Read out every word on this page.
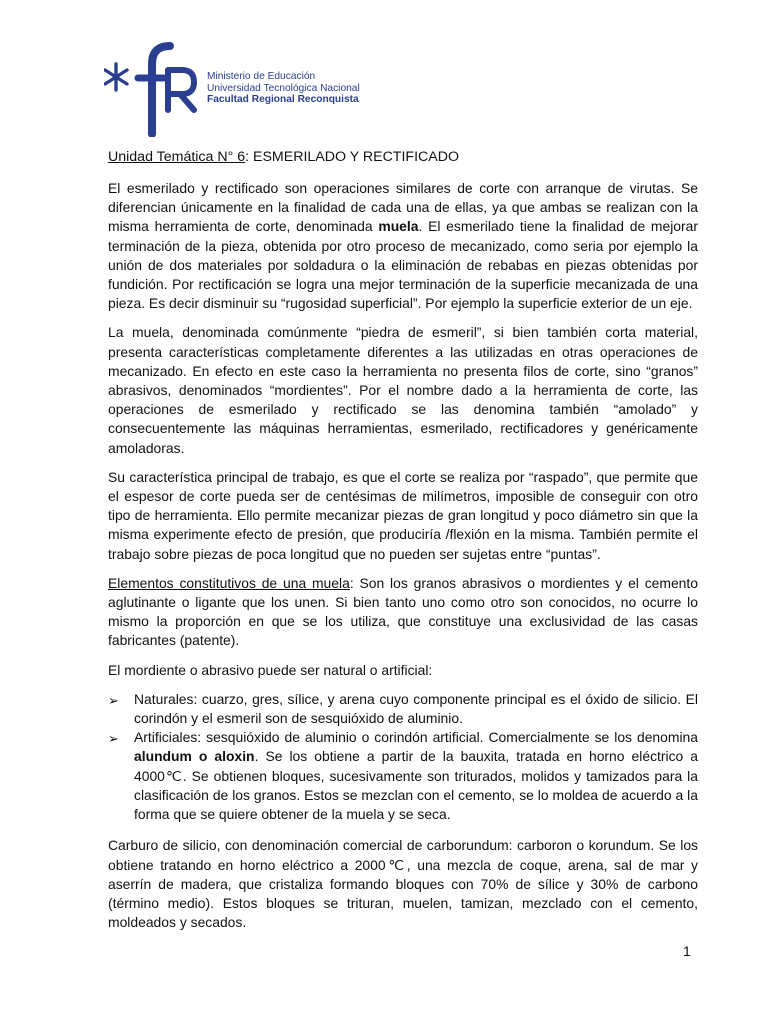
Ministerio de Educación
Universidad Tecnológica Nacional
Facultad Regional Reconquista
Unidad Temática N° 6: ESMERILADO Y RECTIFICADO

El esmerilado y rectificado son operaciones similares de corte con arranque de virutas. Se diferencian únicamente en la finalidad de cada una de ellas, ya que ambas se realizan con la misma herramienta de corte, denominada muela. El esmerilado tiene la finalidad de mejorar terminación de la pieza, obtenida por otro proceso de mecanizado, como seria por ejemplo la unión de dos materiales por soldadura o la eliminación de rebabas en piezas obtenidas por fundición. Por rectificación se logra una mejor terminación de la superficie mecanizada de una pieza. Es decir disminuir su “rugosidad superficial”. Por ejemplo la superficie exterior de un eje.

La muela, denominada comúnmente “piedra de esmeril”, si bien también corta material, presenta características completamente diferentes a las utilizadas en otras operaciones de mecanizado. En efecto en este caso la herramienta no presenta filos de corte, sino “granos” abrasivos, denominados “mordientes”. Por el nombre dado a la herramienta de corte, las operaciones de esmerilado y rectificado se las denomina también “amolado” y consecuentemente las máquinas herramientas, esmerilado, rectificadores y genéricamente amoladoras.

Su característica principal de trabajo, es que el corte se realiza por “raspado”, que permite que el espesor de corte pueda ser de centésimas de milímetros, imposible de conseguir con otro tipo de herramienta. Ello permite mecanizar piezas de gran longitud y poco diámetro sin que la misma experimente efecto de presión, que produciría /flexión en la misma. También permite el trabajo sobre piezas de poca longitud que no pueden ser sujetas entre “puntas”.

Elementos constitutivos de una muela: Son los granos abrasivos o mordientes y el cemento aglutinante o ligante que los unen. Si bien tanto uno como otro son conocidos, no ocurre lo mismo la proporción en que se los utiliza, que constituye una exclusividad de las casas fabricantes (patente).

El mordiente o abrasivo puede ser natural o artificial:

➢ Naturales: cuarzo, gres, sílice, y arena cuyo componente principal es el óxido de silicio. El corindón y el esmeril son de sesquióxido de aluminio.
➢ Artificiales: sesquióxido de aluminio o corindón artificial. Comercialmente se los denomina alundum o aloxin. Se los obtiene a partir de la bauxita, tratada en horno eléctrico a 4000℃. Se obtienen bloques, sucesivamente son triturados, molidos y tamizados para la clasificación de los granos. Estos se mezclan con el cemento, se lo moldea de acuerdo a la forma que se quiere obtener de la muela y se seca.

Carburo de silicio, con denominación comercial de carborundum: carboron o korundum. Se los obtiene tratando en horno eléctrico a 2000℃, una mezcla de coque, arena, sal de mar y aserrín de madera, que cristaliza formando bloques con 70% de sílice y 30% de carbono (término medio). Estos bloques se trituran, muelen, tamizan, mezclado con el cemento, moldeados y secados.

1
